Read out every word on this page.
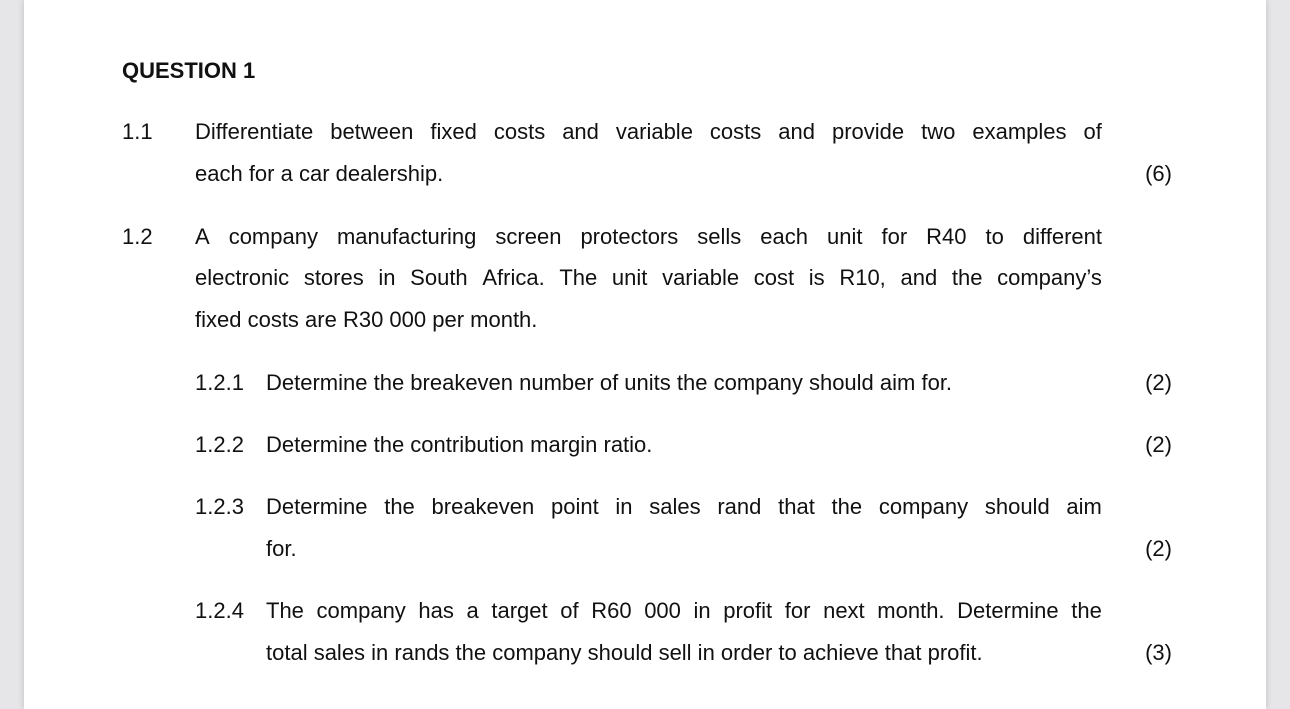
QUESTION 1
1.1 Differentiate between fixed costs and variable costs and provide two examples of
each for a car dealership.	(6)
1.2 A company manufacturing screen protectors sells each unit for R40 to different
electronic stores in South Africa. The unit variable cost is R10, and the company’s
fixed costs are R30 000 per month.
1.2.1 Determine the breakeven number of units the company should aim for.	(2)
1.2.2 Determine the contribution margin ratio.	(2)
1.2.3 Determine the breakeven point in sales rand that the company should aim
for.	(2)
1.2.4 The company has a target of R60 000 in profit for next month. Determine the
total sales in rands the company should sell in order to achieve that profit.	(3)
